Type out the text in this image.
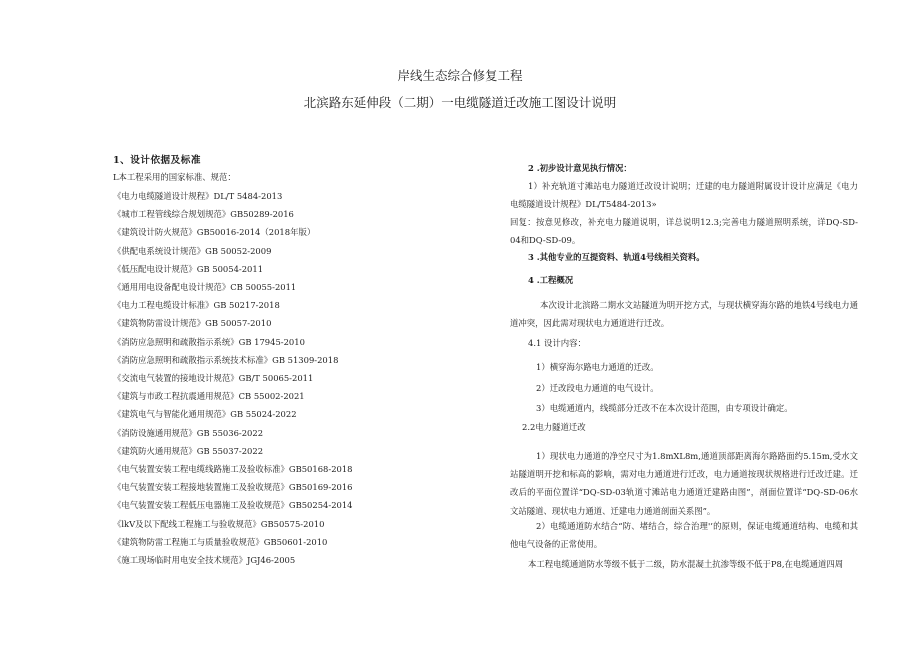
岸线生态综合修复工程
北滨路东延伸段（二期）一电缆隧道迁改施工图设计说明
1、设计依据及标准
L本工程采用的国家标准、规范：
《电力电缆隧道设计规程》DL/T 5484-2013
《城市工程管线综合规划规范》GB50289-2016
《建筑设计防火规范》GB50016-2014（2018年版）
《供配电系统设计规范》GB 50052-2009
《低压配电设计规范》GB 50054-2011
《通用用电设备配电设计规范》CB 50055-2011
《电力工程电缆设计标准》GB 50217-2018
《建筑物防雷设计规范》GB 50057-2010
《消防应急照明和疏散指示系统》GB 17945-2010
《消防应急照明和疏散指示系统技术标准》GB 51309-2018
《交流电气装置的接地设计规范》GB/T 50065-2011
《建筑与市政工程抗震通用规范》CB 55002-2021
《建筑电气与智能化通用规范》GB 55024-2022
《消防设施通用规范》GB 55036-2022
《建筑防火通用规范》GB 55037-2022
《电气装置安装工程电缆线路施工及验收标准》GB50168-2018
《电气装置安装工程接地装置施工及验收规范》GB50169-2016
《电气装置安装工程低压电器施工及验收规范》GB50254-2014
《lkV及以下配线工程施工与验收规范》GB50575-2010
《建筑物防雷工程施工与质量验收规范》GB50601-2010
《施工现场临时用电安全技术规范》JGJ46-2005
2 .初步设计意见执行情况：
1）补充轨道寸滩站电力隧道迁改设计说明；迁建的电力隧道附属设计设计应满足《电力电缆隧道设计规程》DL/T5484-2013»
回复：按意见修改，补充电力隧道说明，详总说明12.3;完善电力隧道照明系统，详DQ-SD-04和DQ-SD-09。
3 .其他专业的互提资料、轨道4号线相关资料。
4 .工程概况
本次设计北滨路二期水文站隧道为明开挖方式，与现状横穿海尔路的地铁4号线电力通道冲突，因此需对现状电力通道进行迁改。
4.1 设计内容：
1）横穿海尔路电力通道的迁改。
2）迁改段电力通道的电气设计。
3）电缆通道内，线缆部分迁改不在本次设计范围，由专项设计确定。
2.2电力隧道迁改
1）现状电力通道的净空尺寸为1.8mXL8m,通道顶部距离海尔路路面约5.15m,受水文站隧道明开挖和标高的影响，需对电力通道进行迁改，电力通道按现状规格进行迁改迁建。迁改后的平面位置详“DQ-SD-03轨道寸滩站电力通道迁建路由图”，剖面位置详“DQ-SD-06水文站隧道、现状电力通道、迁建电力通道剖面关系图”。
2）电缆通道防水结合“防、堵结合，综合治理'’的原则，保证电缆通道结构、电缆和其他电气设备的正常使用。
本工程电缆通道防水等级不低于二级，防水混凝土抗渗等级不低于P8,在电缆通道四周
